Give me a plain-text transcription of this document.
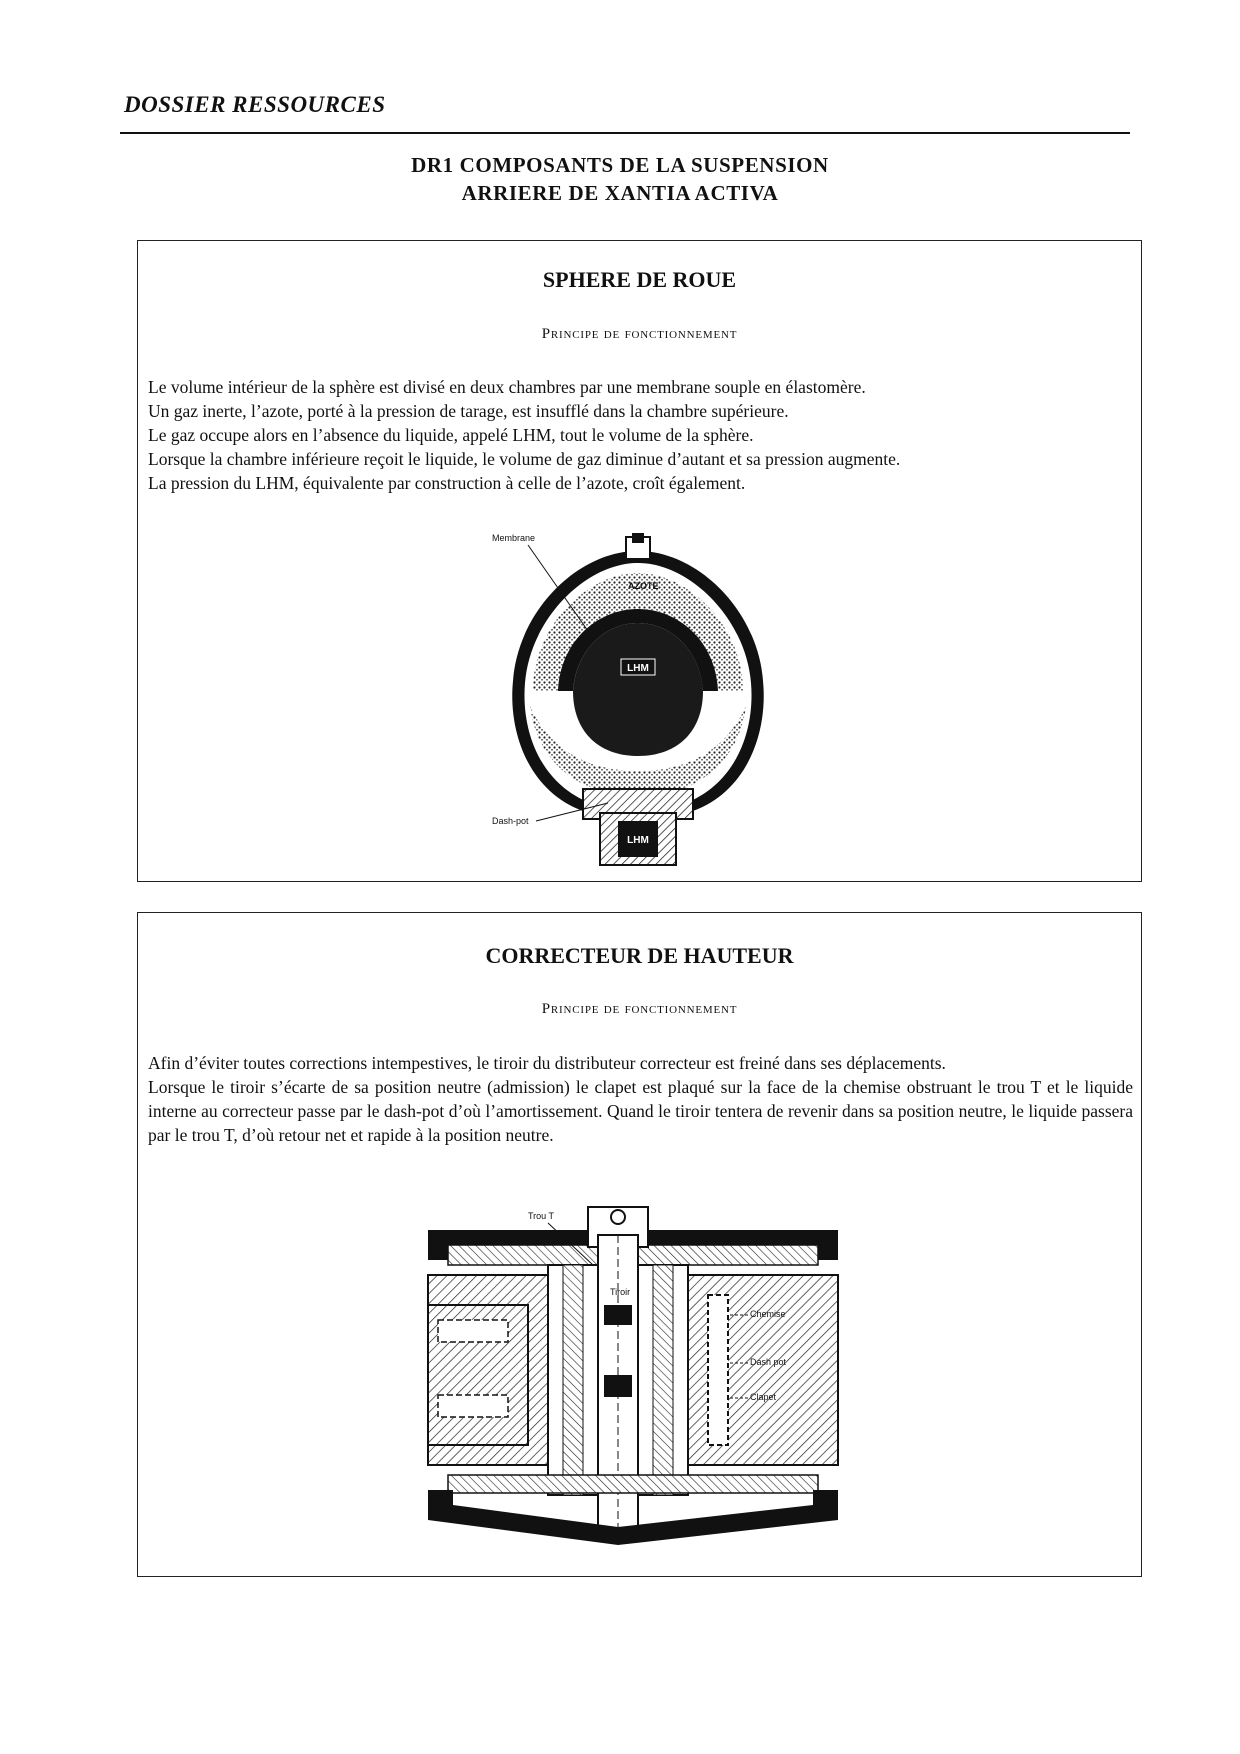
DOSSIER RESSOURCES
DR1 COMPOSANTS DE LA SUSPENSION
ARRIERE DE XANTIA ACTIVA
SPHERE DE ROUE
Principe de fonctionnement

Le volume intérieur de la sphère est divisé en deux chambres par une membrane souple en élastomère.

Un gaz inerte, l’azote, porté à la pression de tarage, est insufflé dans la chambre supérieure.

Le gaz occupe alors en l’absence du liquide, appelé LHM, tout le volume de la sphère.

Lorsque la chambre inférieure reçoit le liquide, le volume de gaz diminue d’autant et sa pression augmente.

La pression du LHM, équivalente par construction à celle de l’azote, croît également.

LHM
LHM
AZOTE
Membrane
Dash-pot
CORRECTEUR DE HAUTEUR
Principe de fonctionnement

Afin d’éviter toutes corrections intempestives, le tiroir du distributeur correcteur est freiné dans ses déplacements.

Lorsque le tiroir s’écarte de sa position neutre (admission) le clapet est plaqué sur la face de la chemise obstruant le trou T et le liquide interne au correcteur passe par le dash-pot d’où l’amortissement. Quand le tiroir tentera de revenir dans sa position neutre, le liquide passera par le trou T, d’où retour net et rapide à la position neutre.

Trou T
Tiroir
Chemise
Dash pot
Clapet
